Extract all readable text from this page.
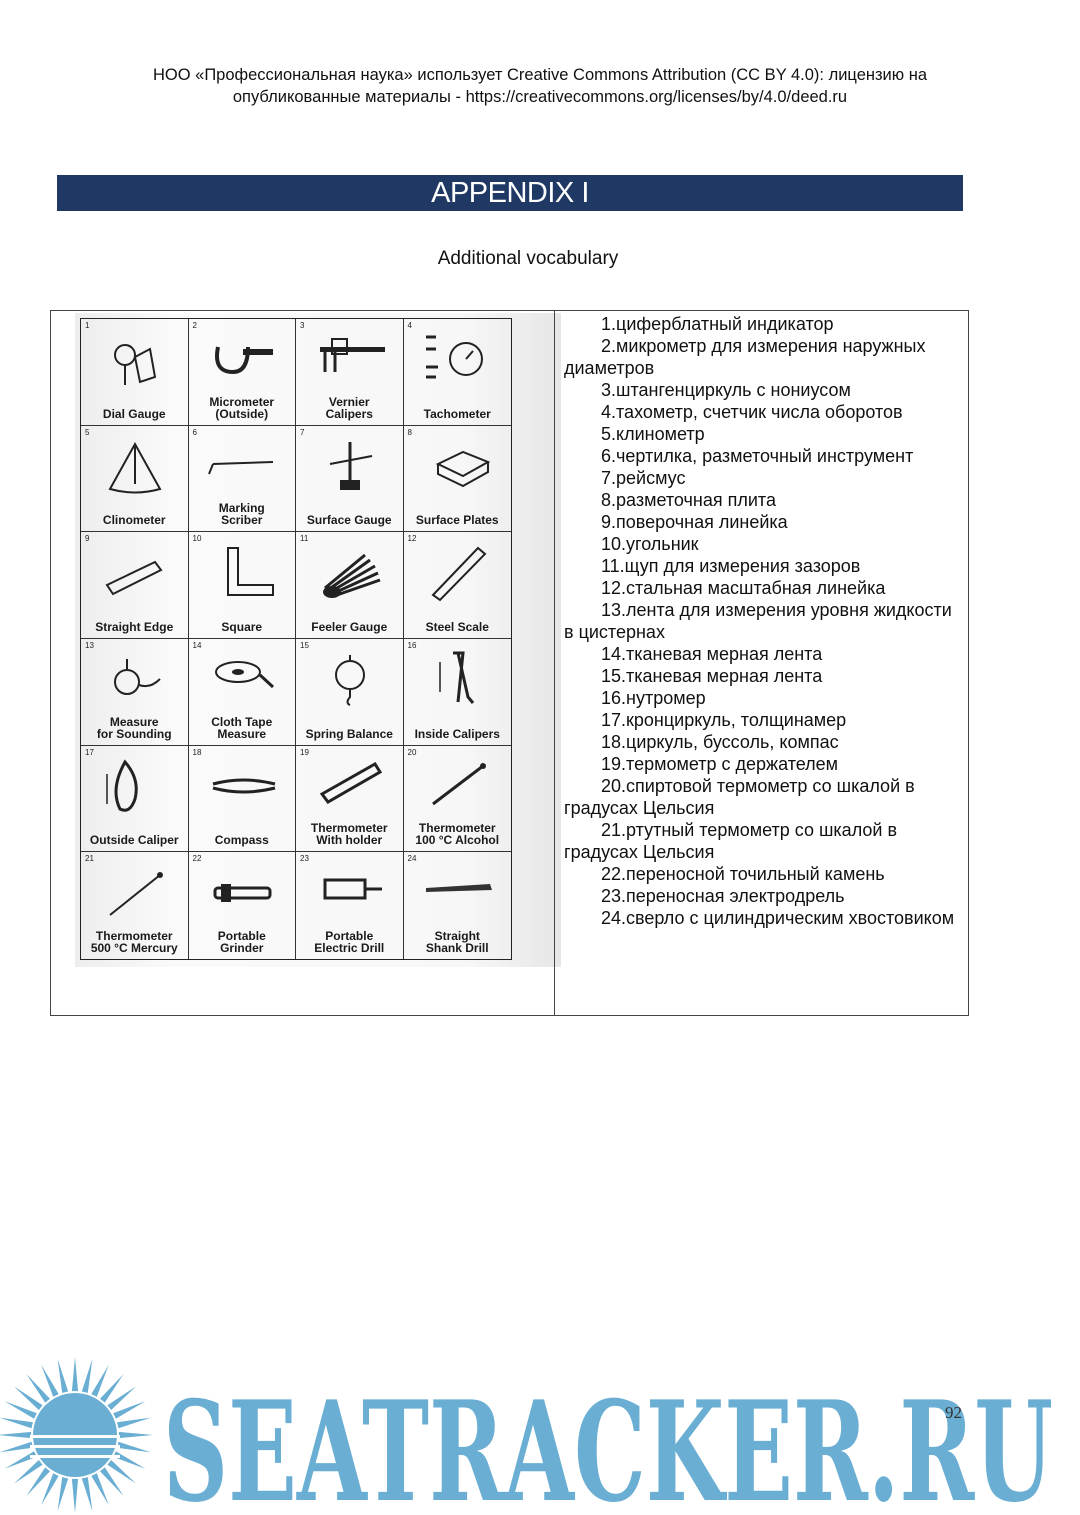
НОО «Профессиональная наука» использует Creative Commons Attribution (CC BY 4.0): лицензию на
опубликованные материалы - https://creativecommons.org/licenses/by/4.0/deed.ru
APPENDIX I
Additional vocabulary
1
Dial Gauge
2
Micrometer
(Outside)
3
Vernier
Calipers
4
Tachometer
5
Clinometer
6
Marking
Scriber
7
Surface Gauge
8
Surface Plates
9
Straight Edge
10
Square
11
Feeler Gauge
12
Steel Scale
13
Measure
for Sounding
14
Cloth Tape
Measure
15
Spring Balance
16
Inside Calipers
17
Outside Caliper
18
Compass
19
Thermometer
With holder
20
Thermometer
100 °C Alcohol
21
Thermometer
500 °C Mercury
22
Portable
Grinder
23
Portable
Electric Drill
24
Straight
Shank Drill
1.циферблатный индикатор
2.микрометр для измерения наружных диаметров
3.штангенциркуль с нониусом
4.тахометр, счетчик числа оборотов
5.клинометр
6.чертилка, разметочный инструмент
7.рейсмус
8.разметочная плита
9.поверочная линейка
10.угольник
11.щуп для измерения зазоров
12.стальная масштабная линейка
13.лента для измерения уровня жидкости в цистернах
14.тканевая мерная лента
15.тканевая мерная лента
16.нутромер
17.кронциркуль, толщинамер
18.циркуль, буссоль, компас
19.термометр с держателем
20.спиртовой термометр со шкалой в градусах Цельсия
21.ртутный термометр со шкалой в градусах Цельсия
22.переносной точильный камень
23.переносная электродрель
24.сверло с цилиндрическим хвостовиком
SEATRACKER.RU
92
